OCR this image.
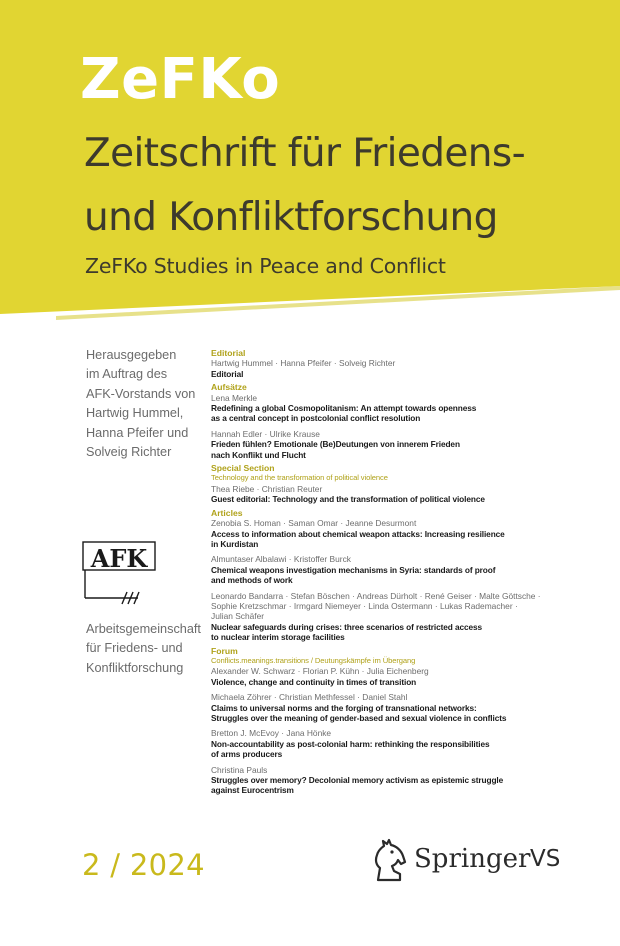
ZeFKo
Zeitschrift für Friedens-
und Konfliktforschung
ZeFKo Studies in Peace and Conflict
Herausgegeben
im Auftrag des
AFK-Vorstands von
Hartwig Hummel,
Hanna Pfeifer und
Solveig Richter
AFK
Arbeitsgemeinschaft
für Friedens- und
Konfliktforschung

Editorial

Hartwig Hummel · Hanna Pfeifer · Solveig Richter

Editorial

Aufsätze

Lena Merkle

Redefining a global Cosmopolitanism: An attempt towards openness

as a central concept in postcolonial conflict resolution

Hannah Edler · Ulrike Krause

Frieden fühlen? Emotionale (Be)Deutungen von innerem Frieden

nach Konflikt und Flucht

Special Section

Technology and the transformation of political violence

Thea Riebe · Christian Reuter

Guest editorial: Technology and the transformation of political violence

Articles

Zenobia S. Homan · Saman Omar · Jeanne Desurmont

Access to information about chemical weapon attacks: Increasing resilience

in Kurdistan

Almuntaser Albalawi · Kristoffer Burck

Chemical weapons investigation mechanisms in Syria: standards of proof

and methods of work

Leonardo Bandarra · Stefan Böschen · Andreas Dürholt · René Geiser · Malte Göttsche ·

Sophie Kretzschmar · Irmgard Niemeyer · Linda Ostermann · Lukas Rademacher ·

Julian Schäfer

Nuclear safeguards during crises: three scenarios of restricted access

to nuclear interim storage facilities

Forum

Conflicts.meanings.transitions / Deutungskämpfe im Übergang

Alexander W. Schwarz · Florian P. Kühn · Julia Eichenberg

Violence, change and continuity in times of transition

Michaela Zöhrer · Christian Methfessel · Daniel Stahl

Claims to universal norms and the forging of transnational networks:

Struggles over the meaning of gender-based and sexual violence in conflicts

Bretton J. McEvoy · Jana Hönke

Non-accountability as post-colonial harm: rethinking the responsibilities

of arms producers

Christina Pauls

Struggles over memory? Decolonial memory activism as epistemic struggle

against Eurocentrism

2 / 2024	Springer VS
